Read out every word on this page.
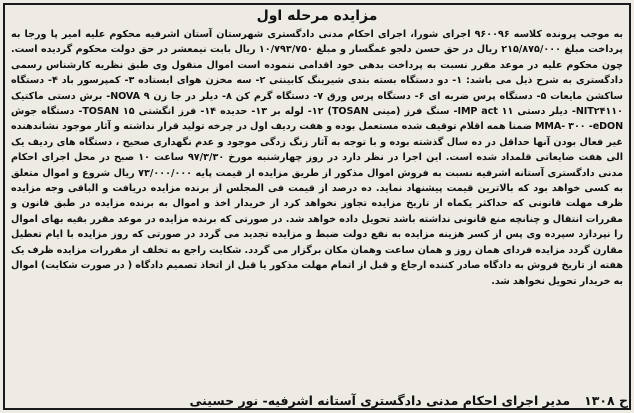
مزایده مرحله اول

به موجب پرونده کلاسه ۹۶۰۰۹۶ اجرای شورا، اجرای احکام مدنی دادگستری شهرستان آستان اشرفیه محکوم علیه امیر پا ورجا به پرداخت مبلغ ۲۱۵/۸۷۵/۰۰۰ ریال در حق حسن دلجو غمگسار و مبلغ ۱۰/۷۹۳/۷۵۰ ریال بابت نیمعشر در حق دولت محکوم گردیده است. چون محکوم علیه در موعد مقرر نسبت به پرداخت بدهی خود اقدامی ننموده است اموال منقول وی طبق نظریه کارشناس رسمی دادگستری به شرح ذیل می باشد: ۱- دو دستگاه بسته بندی شیرینگ کابینتی ۲- سه مخزن هوای ایستاده ۳- کمپرسور باد ۴- دستگاه ساکشن مایعات ۵- دستگاه پرس ضربه ای ۶- دستگاه پرس ورق ۷- دستگاه گرم کن ۸- دیلر در جا زن NOVA ۹- برش دستی ماکتیک NIT۲۴۱۱۰- دیلر دستی IMP act ۱۱- سنگ فرز (مینی TOSAN) ۱۲- لوله بر ۱۳- حدیده ۱۴- فرز انگشتی TOSAN ۱۵- دستگاه جوش MMA- ۳۰۰ -eDON ضمنا همه اقلام توقیف شده مستعمل بوده و هفت ردیف اول در چرخه تولید قرار نداشته و آثار موجود نشاندهنده غیر فعال بودن آنها حداقل در ده سال گذشته بوده و با توجه به آثار زنگ زدگی موجود و عدم نگهداری صحیح ، دستگاه های ردیف یک الی هفت ضایعاتی قلمداد شده است. این اجرا در نظر دارد در روز چهارشنبه مورخ ۹۷/۳/۳۰ ساعت ۱۰ صبح در محل اجرای احکام مدنی دادگستری آستانه اشرفیه نسبت به فروش اموال مذکور از طریق مزایده از قیمت پایه ۷۳/۰۰۰/۰۰۰ ریال شروع و اموال متعلق به کسی خواهد بود که بالاترین قیمت پیشنهاد نماید. ده درصد از قیمت فی المجلس از برنده مزایده دریافت و الباقی وجه مزایده ظرف مهلت قانونی که حداکثر یکماه از تاریخ مزایده تجاوز نخواهد کرد از خریدار اخذ و اموال به برنده مزایده در طبق قانون و مقررات انتقال و چنانچه منع قانونی نداشته باشد تحویل داده خواهد شد. در صورتی که برنده مزایده در موعد مقرر بقیه بهای اموال را نپردازد سپرده وی پس از کسر هزینه مزایده به نفع دولت ضبط و مزایده تجدید می گردد در صورتی که روز مزایده با ایام تعطیل مقارن گردد مزایده فردای همان روز و همان ساعت وهمان مکان برگزار می گردد. شکایت راجع به تخلف از مقررات مزایده ظرف یک هفته از تاریخ فروش به دادگاه صادر کننده ارجاع و قبل از اتمام مهلت مذکور یا قبل از اتخاذ تصمیم دادگاه ( در صورت شکایت) اموال به خریدار تحویل نخواهد شد.

ح ۱۳۰۸
مدیر اجرای احکام مدنی دادگستری آستانه اشرفیه- نور حسینی
